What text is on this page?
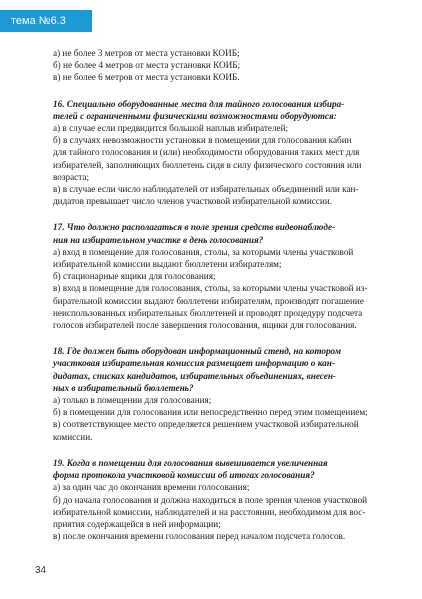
тема №6.3
а) не более 3 метров от места установки КОИБ;
б) не более 4 метров от места установки КОИБ;
в) не более 6 метров от места установки КОИБ.
16. Специально оборудованные места для тайного голосования избира-
телей с ограниченными физическими возможностями оборудуются:
а) в случае если предвидится большой наплыв избирателей;
б) в случаях невозможности установки в помещении для голосования кабин
для тайного голосования и (или) необходимости оборудования таких мест для
избирателей, заполняющих бюллетень сидя в силу физического состояния или
возраста;
в) в случае если число наблюдателей от избирательных объединений или кан-
дидатов превышает число членов участковой избирательной комиссии.
17. Что должно располагаться в поле зрения средств видеонаблюде-
ния на избирательном участке в день голосования?
а) вход в помещение для голосования, столы, за которыми члены участковой
избирательной комиссии выдают бюллетени избирателям;
б) стационарные ящики для голосования;
в) вход в помещение для голосования, столы, за которыми члены участковой из-
бирательной комиссии выдают бюллетени избирателям, производят погашение
неиспользованных избирательных бюллетеней и проводят процедуру подсчета
голосов избирателей после завершения голосования, ящики для голосования.
18. Где должен быть оборудован информационный стенд, на котором
участковая избирательная комиссия размещает информацию о кан-
дидатах, списках кандидатов, избирательных объединениях, внесен-
ных в избирательный бюллетень?
а) только в помещении для голосования;
б) в помещении для голосования или непосредственно перед этим помещением;
в) соответствующее место определяется решением участковой избирательной
комиссии.
19. Когда в помещении для голосования вывешивается увеличенная
форма протокола участковой комиссии об итогах голосования?
а) за один час до окончания времени голосования;
б) до начала голосования и должна находиться в поле зрения членов участковой
избирательной комиссии, наблюдателей и на расстоянии, необходимом для вос-
приятия содержащейся в ней информации;
в) после окончания времени голосования перед началом подсчета голосов.
34
